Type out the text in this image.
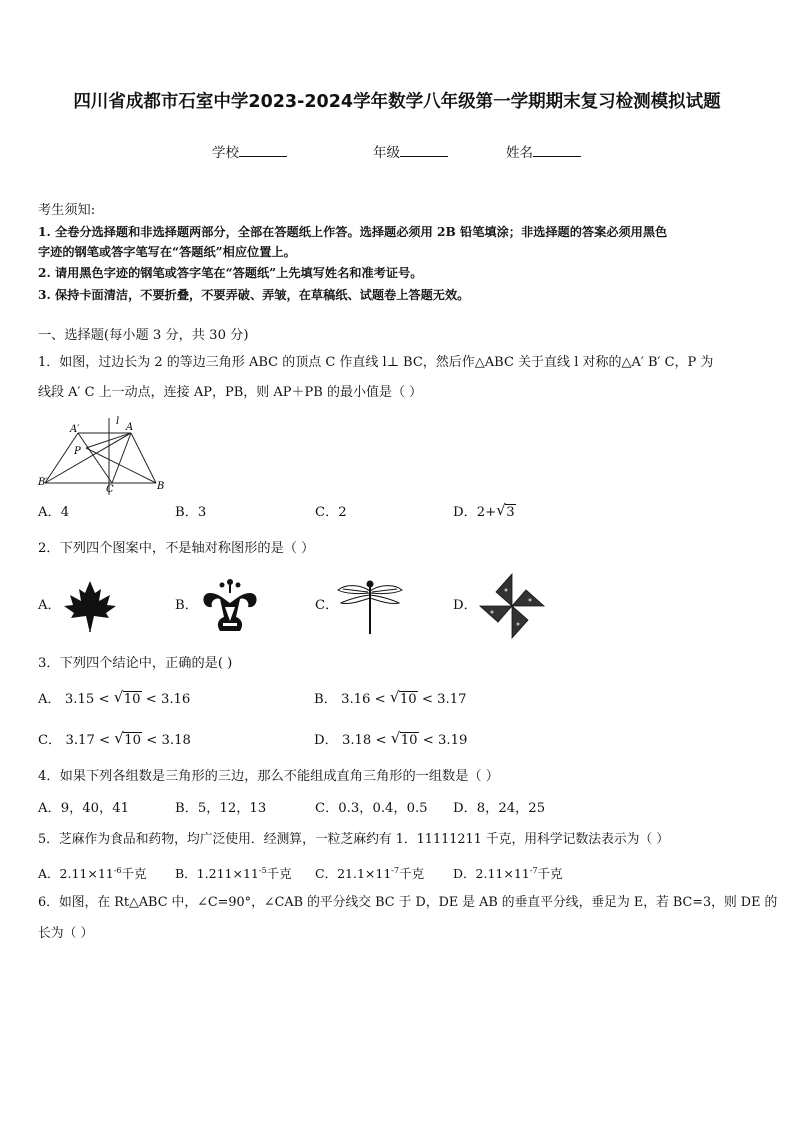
四川省成都市石室中学2023-2024学年数学八年级第一学期期末复习检测模拟试题
学校	年级	姓名
考生须知:
1. 全卷分选择题和非选择题两部分，全部在答题纸上作答。选择题必须用 2B 铅笔填涂；非选择题的答案必须用黑色
字迹的钢笔或答字笔写在“答题纸”相应位置上。
2. 请用黑色字迹的钢笔或答字笔在“答题纸”上先填写姓名和准考证号。
3. 保持卡面清洁，不要折叠，不要弄破、弄皱，在草稿纸、试题卷上答题无效。
一、选择题(每小题 3 分，共 30 分)
1．如图，过边长为 2 的等边三角形 ABC 的顶点 C 作直线 l⊥ BC，然后作△ABC 关于直线 l 对称的△A′ B′ C，P 为
线段 A′ C 上一动点，连接 AP，PB，则 AP＋PB 的最小值是（ ）
A′	A
l
P
B′
C	B
A．4	B．3	C．2	D．2+ √ 3
2．下列四个图案中，不是轴对称图形的是（ ）
A．	B．	C．	D．
3．下列四个结论中，正确的是( )
A． 3.15 < √ 10 < 3.16	B． 3.16 < √ 10 < 3.17
C． 3.17 < √ 10 < 3.18	D． 3.18 < √ 10 < 3.19
4．如果下列各组数是三角形的三边，那么不能组成直角三角形的一组数是（ ）
A．9，40，41	B．5，12，13	C．0.3，0.4，0.5 D．8，24，25
5．芝麻作为食品和药物，均广泛使用．经测算，一粒芝麻约有 1．11111211 千克，用科学记数法表示为（ ）
A．$2.11\times 11^{-6}$千克 B．$1.211\times 11^{-5}$千克 C．$21.1\times 11^{-7}$千克 D．$2.11\times 11^{-7}$千克
6．如图，在 Rt△ABC 中，∠C=90°，∠CAB 的平分线交 BC 于 D，DE 是 AB 的垂直平分线，垂足为 E，若 BC=3，则 DE 的
长为（ ）
